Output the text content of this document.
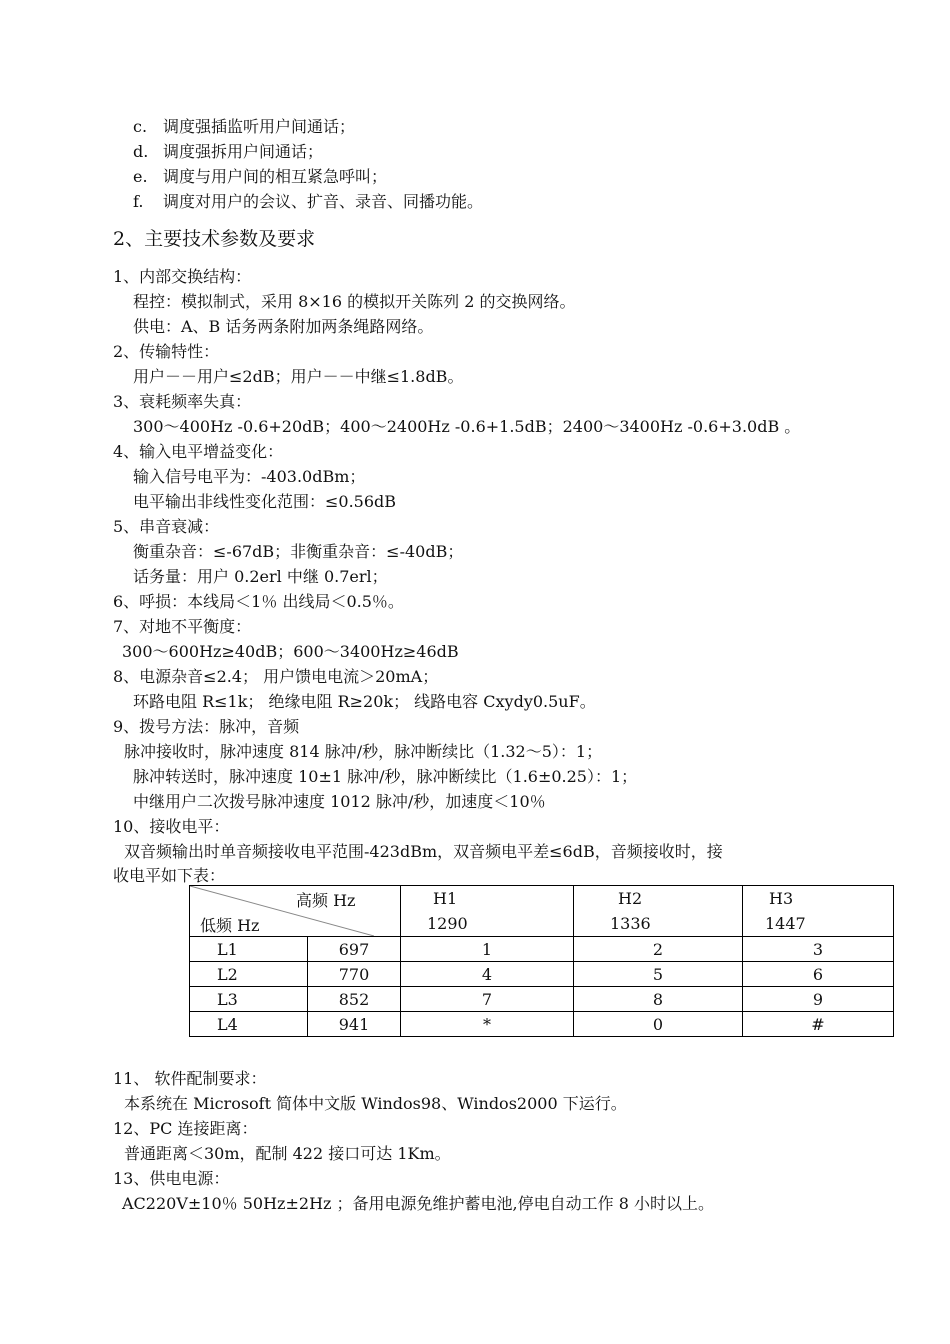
c. 调度强插监听用户间通话；
d. 调度强拆用户间通话；
e. 调度与用户间的相互紧急呼叫；
f. 调度对用户的会议、扩音、录音、同播功能。
2、主要技术参数及要求
1、内部交换结构：
程控：模拟制式，采用 8×16 的模拟开关陈列 2 的交换网络。
供电：A、B 话务两条附加两条绳路网络。
2、传输特性：
用户－－用户≤2dB；用户－－中继≤1.8dB。
3、衰耗频率失真：
300～400Hz -0.6+20dB；400～2400Hz -0.6+1.5dB；2400～3400Hz -0.6+3.0dB 。
4、输入电平增益变化：
输入信号电平为：-403.0dBm；
电平输出非线性变化范围：≤0.56dB
5、串音衰减：
衡重杂音：≤-67dB；非衡重杂音：≤-40dB；
话务量：用户 0.2erl 中继 0.7erl；
6、呼损：本线局＜1％ 出线局＜0.5％。
7、对地不平衡度：
300～600Hz≥40dB；600～3400Hz≥46dB
8、电源杂音≤2.4； 用户馈电电流＞20mA；
环路电阻 R≤1k； 绝缘电阻 R≥20k； 线路电容 Cxydy0.5uF。
9、拨号方法：脉冲，音频
脉冲接收时，脉冲速度 814 脉冲/秒，脉冲断续比（1.32～5）：1；
脉冲转送时，脉冲速度 10±1 脉冲/秒，脉冲断续比（1.6±0.25）：1；
中继用户二次拨号脉冲速度 1012 脉冲/秒，加速度＜10％
10、接收电平：
双音频输出时单音频接收电平范围-423dBm，双音频电平差≤6dB，音频接收时，接
收电平如下表：
高频 Hz
低频 Hz		H1	H2	H3
		1290	1336	1447
L1	697	1	2	3
L2	770	4	5	6
L3	852	7	8	9
L4	941	*	0	#
11、 软件配制要求：
本系统在 Microsoft 简体中文版 Windos98、Windos2000 下运行。
12、PC 连接距离：
普通距离＜30m，配制 422 接口可达 1Km。
13、供电电源：
AC220V±10％ 50Hz±2Hz ；备用电源免维护蓄电池,停电自动工作 8 小时以上。
